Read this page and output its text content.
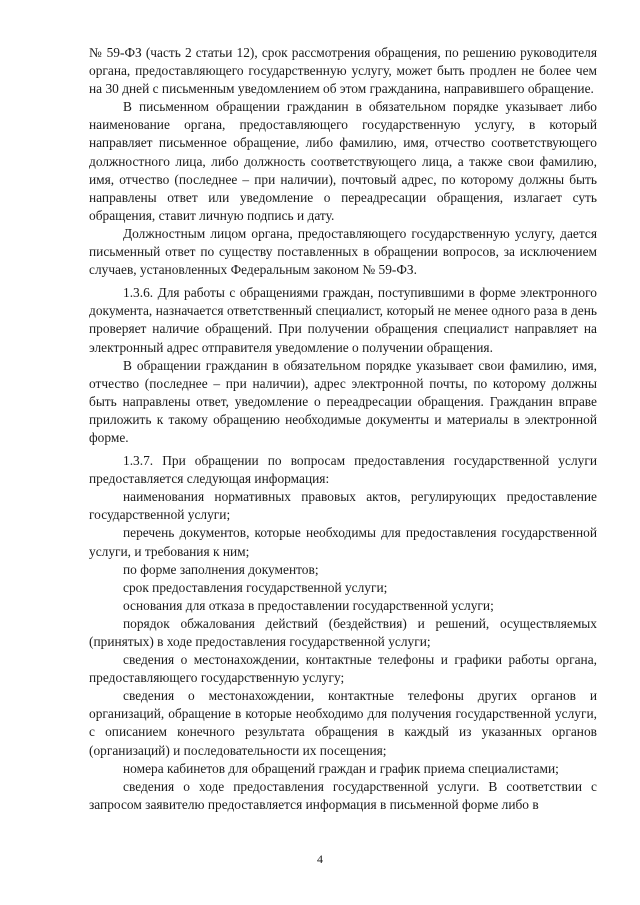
№ 59-ФЗ (часть 2 статьи 12), срок рассмотрения обращения, по решению руководителя органа, предоставляющего государственную услугу, может быть продлен не более чем на 30 дней с письменным уведомлением об этом гражданина, направившего обращение.

В письменном обращении гражданин в обязательном порядке указывает либо наименование органа, предоставляющего государственную услугу, в который направляет письменное обращение, либо фамилию, имя, отчество соответствующего должностного лица, либо должность соответствующего лица, а также свои фамилию, имя, отчество (последнее – при наличии), почтовый адрес, по которому должны быть направлены ответ или уведомление о переадресации обращения, излагает суть обращения, ставит личную подпись и дату.

Должностным лицом органа, предоставляющего государственную услугу, дается письменный ответ по существу поставленных в обращении вопросов, за исключением случаев, установленных Федеральным законом № 59-ФЗ.

1.3.6. Для работы с обращениями граждан, поступившими в форме электронного документа, назначается ответственный специалист, который не менее одного раза в день проверяет наличие обращений. При получении обращения специалист направляет на электронный адрес отправителя уведомление о получении обращения.

В обращении гражданин в обязательном порядке указывает свои фамилию, имя, отчество (последнее – при наличии), адрес электронной почты, по которому должны быть направлены ответ, уведомление о переадресации обращения. Гражданин вправе приложить к такому обращению необходимые документы и материалы в электронной форме.

1.3.7. При обращении по вопросам предоставления государственной услуги предоставляется следующая информация:

наименования нормативных правовых актов, регулирующих предоставление государственной услуги;

перечень документов, которые необходимы для предоставления государственной услуги, и требования к ним;

по форме заполнения документов;

срок предоставления государственной услуги;

основания для отказа в предоставлении государственной услуги;

порядок обжалования действий (бездействия) и решений, осуществляемых (принятых) в ходе предоставления государственной услуги;

сведения о местонахождении, контактные телефоны и графики работы органа, предоставляющего государственную услугу;

сведения о местонахождении, контактные телефоны других органов и организаций, обращение в которые необходимо для получения государственной услуги, с описанием конечного результата обращения в каждый из указанных органов (организаций) и последовательности их посещения;

номера кабинетов для обращений граждан и график приема специалистами;

сведения о ходе предоставления государственной услуги. В соответствии с запросом заявителю предоставляется информация в письменной форме либо в

4
